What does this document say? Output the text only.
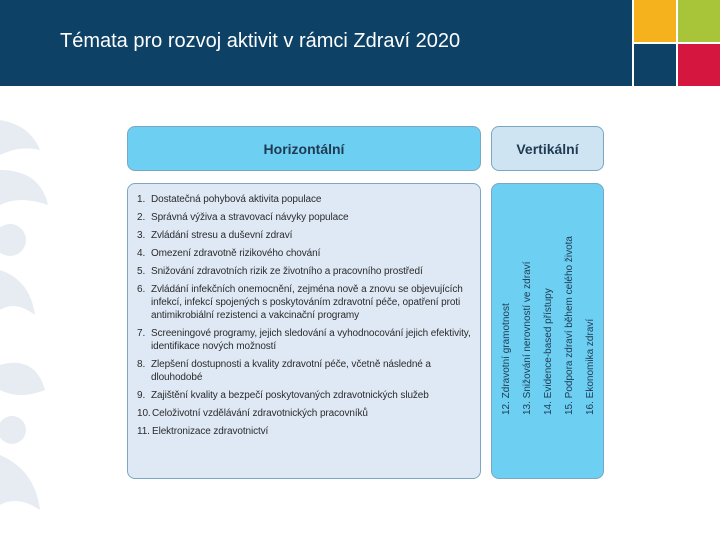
Témata pro rozvoj aktivit v rámci Zdraví 2020
Horizontální	Vertikální
1. Dostatečná pohybová aktivita populace
2. Správná výživa a stravovací návyky populace
3. Zvládání stresu a duševní zdraví
4. Omezení zdravotně rizikového chování
5. Snižování zdravotních rizik ze životního a pracovního prostředí
6. Zvládání infekčních onemocnění, zejména nově a znovu se objevujících infekcí, infekcí spojených s poskytováním zdravotní péče, opatření proti antimikrobiální rezistenci a vakcinační programy
7. Screeningové programy, jejich sledování a vyhodnocování jejich efektivity, identifikace nových možností
8. Zlepšení dostupnosti a kvality zdravotní péče, včetně následné a dlouhodobé
9. Zajištění kvality a bezpečí poskytovaných zdravotnických služeb
10. Celoživotní vzdělávání zdravotnických pracovníků
11. Elektronizace zdravotnictví
12. Zdravotní gramotnost	13. Snižování nerovností ve zdraví	14. Evidence-based přístupy	15. Podpora zdraví během celého života	16. Ekonomika zdraví
